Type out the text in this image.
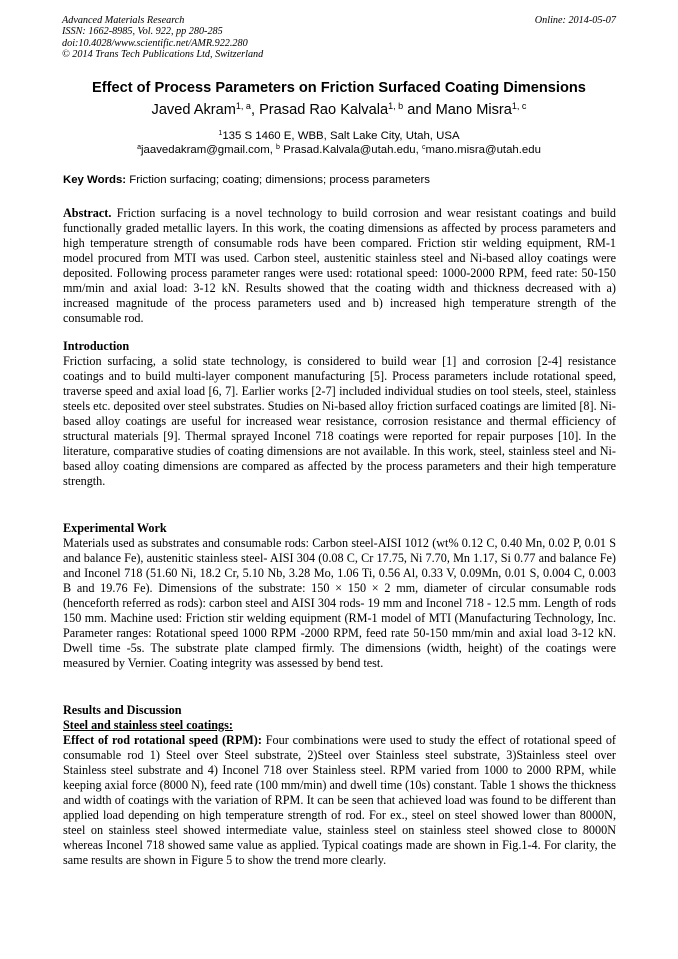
Advanced Materials Research
ISSN: 1662-8985, Vol. 922, pp 280-285
doi:10.4028/www.scientific.net/AMR.922.280
© 2014 Trans Tech Publications Ltd, Switzerland
Online: 2014-05-07
Effect of Process Parameters on Friction Surfaced Coating Dimensions
Javed Akram$^{1, a}$, Prasad Rao Kalvala$^{1, b}$ and Mano Misra$^{1, c}$
$^1$135 S 1460 E, WBB, Salt Lake City, Utah, USA
$^a$jaavedakram@gmail.com, $^b$ Prasad.Kalvala@utah.edu, $^c$mano.misra@utah.edu
Key Words: Friction surfacing; coating; dimensions; process parameters
Abstract. Friction surfacing is a novel technology to build corrosion and wear resistant coatings and build functionally graded metallic layers. In this work, the coating dimensions as affected by process parameters and high temperature strength of consumable rods have been compared. Friction stir welding equipment, RM-1 model procured from MTI was used. Carbon steel, austenitic stainless steel and Ni-based alloy coatings were deposited. Following process parameter ranges were used: rotational speed: 1000-2000 RPM, feed rate: 50-150 mm/min and axial load: 3-12 kN. Results showed that the coating width and thickness decreased with a) increased magnitude of the process parameters used and b) increased high temperature strength of the consumable rod.
Introduction
Friction surfacing, a solid state technology, is considered to build wear [1] and corrosion [2-4] resistance coatings and to build multi-layer component manufacturing [5]. Process parameters include rotational speed, traverse speed and axial load [6, 7]. Earlier works [2-7] included individual studies on tool steels, steel, stainless steels etc. deposited over steel substrates. Studies on Ni-based alloy friction surfaced coatings are limited [8]. Ni-based alloy coatings are useful for increased wear resistance, corrosion resistance and thermal efficiency of structural materials [9]. Thermal sprayed Inconel 718 coatings were reported for repair purposes [10]. In the literature, comparative studies of coating dimensions are not available. In this work, steel, stainless steel and Ni-based alloy coating dimensions are compared as affected by the process parameters and their high temperature strength.
Experimental Work
Materials used as substrates and consumable rods: Carbon steel-AISI 1012 (wt% 0.12 C, 0.40 Mn, 0.02 P, 0.01 S and balance Fe), austenitic stainless steel- AISI 304 (0.08 C, Cr 17.75, Ni 7.70, Mn 1.17, Si 0.77 and balance Fe) and Inconel 718 (51.60 Ni, 18.2 Cr, 5.10 Nb, 3.28 Mo, 1.06 Ti, 0.56 Al, 0.33 V, 0.09Mn, 0.01 S, 0.004 C, 0.003 B and 19.76 Fe). Dimensions of the substrate: 150 × 150 × 2 mm, diameter of circular consumable rods (henceforth referred as rods): carbon steel and AISI 304 rods- 19 mm and Inconel 718 - 12.5 mm. Length of rods 150 mm. Machine used: Friction stir welding equipment (RM-1 model of MTI (Manufacturing Technology, Inc. Parameter ranges: Rotational speed 1000 RPM -2000 RPM, feed rate 50-150 mm/min and axial load 3-12 kN. Dwell time -5s. The substrate plate clamped firmly. The dimensions (width, height) of the coatings were measured by Vernier. Coating integrity was assessed by bend test.
Results and Discussion
Steel and stainless steel coatings:
Effect of rod rotational speed (RPM): Four combinations were used to study the effect of rotational speed of consumable rod 1) Steel over Steel substrate, 2)Steel over Stainless steel substrate, 3)Stainless steel over Stainless steel substrate and 4) Inconel 718 over Stainless steel. RPM varied from 1000 to 2000 RPM, while keeping axial force (8000 N), feed rate (100 mm/min) and dwell time (10s) constant. Table 1 shows the thickness and width of coatings with the variation of RPM. It can be seen that achieved load was found to be different than applied load depending on high temperature strength of rod. For ex., steel on steel showed lower than 8000N, steel on stainless steel showed intermediate value, stainless steel on stainless steel showed close to 8000N whereas Inconel 718 showed same value as applied. Typical coatings made are shown in Fig.1-4. For clarity, the same results are shown in Figure 5 to show the trend more clearly.
